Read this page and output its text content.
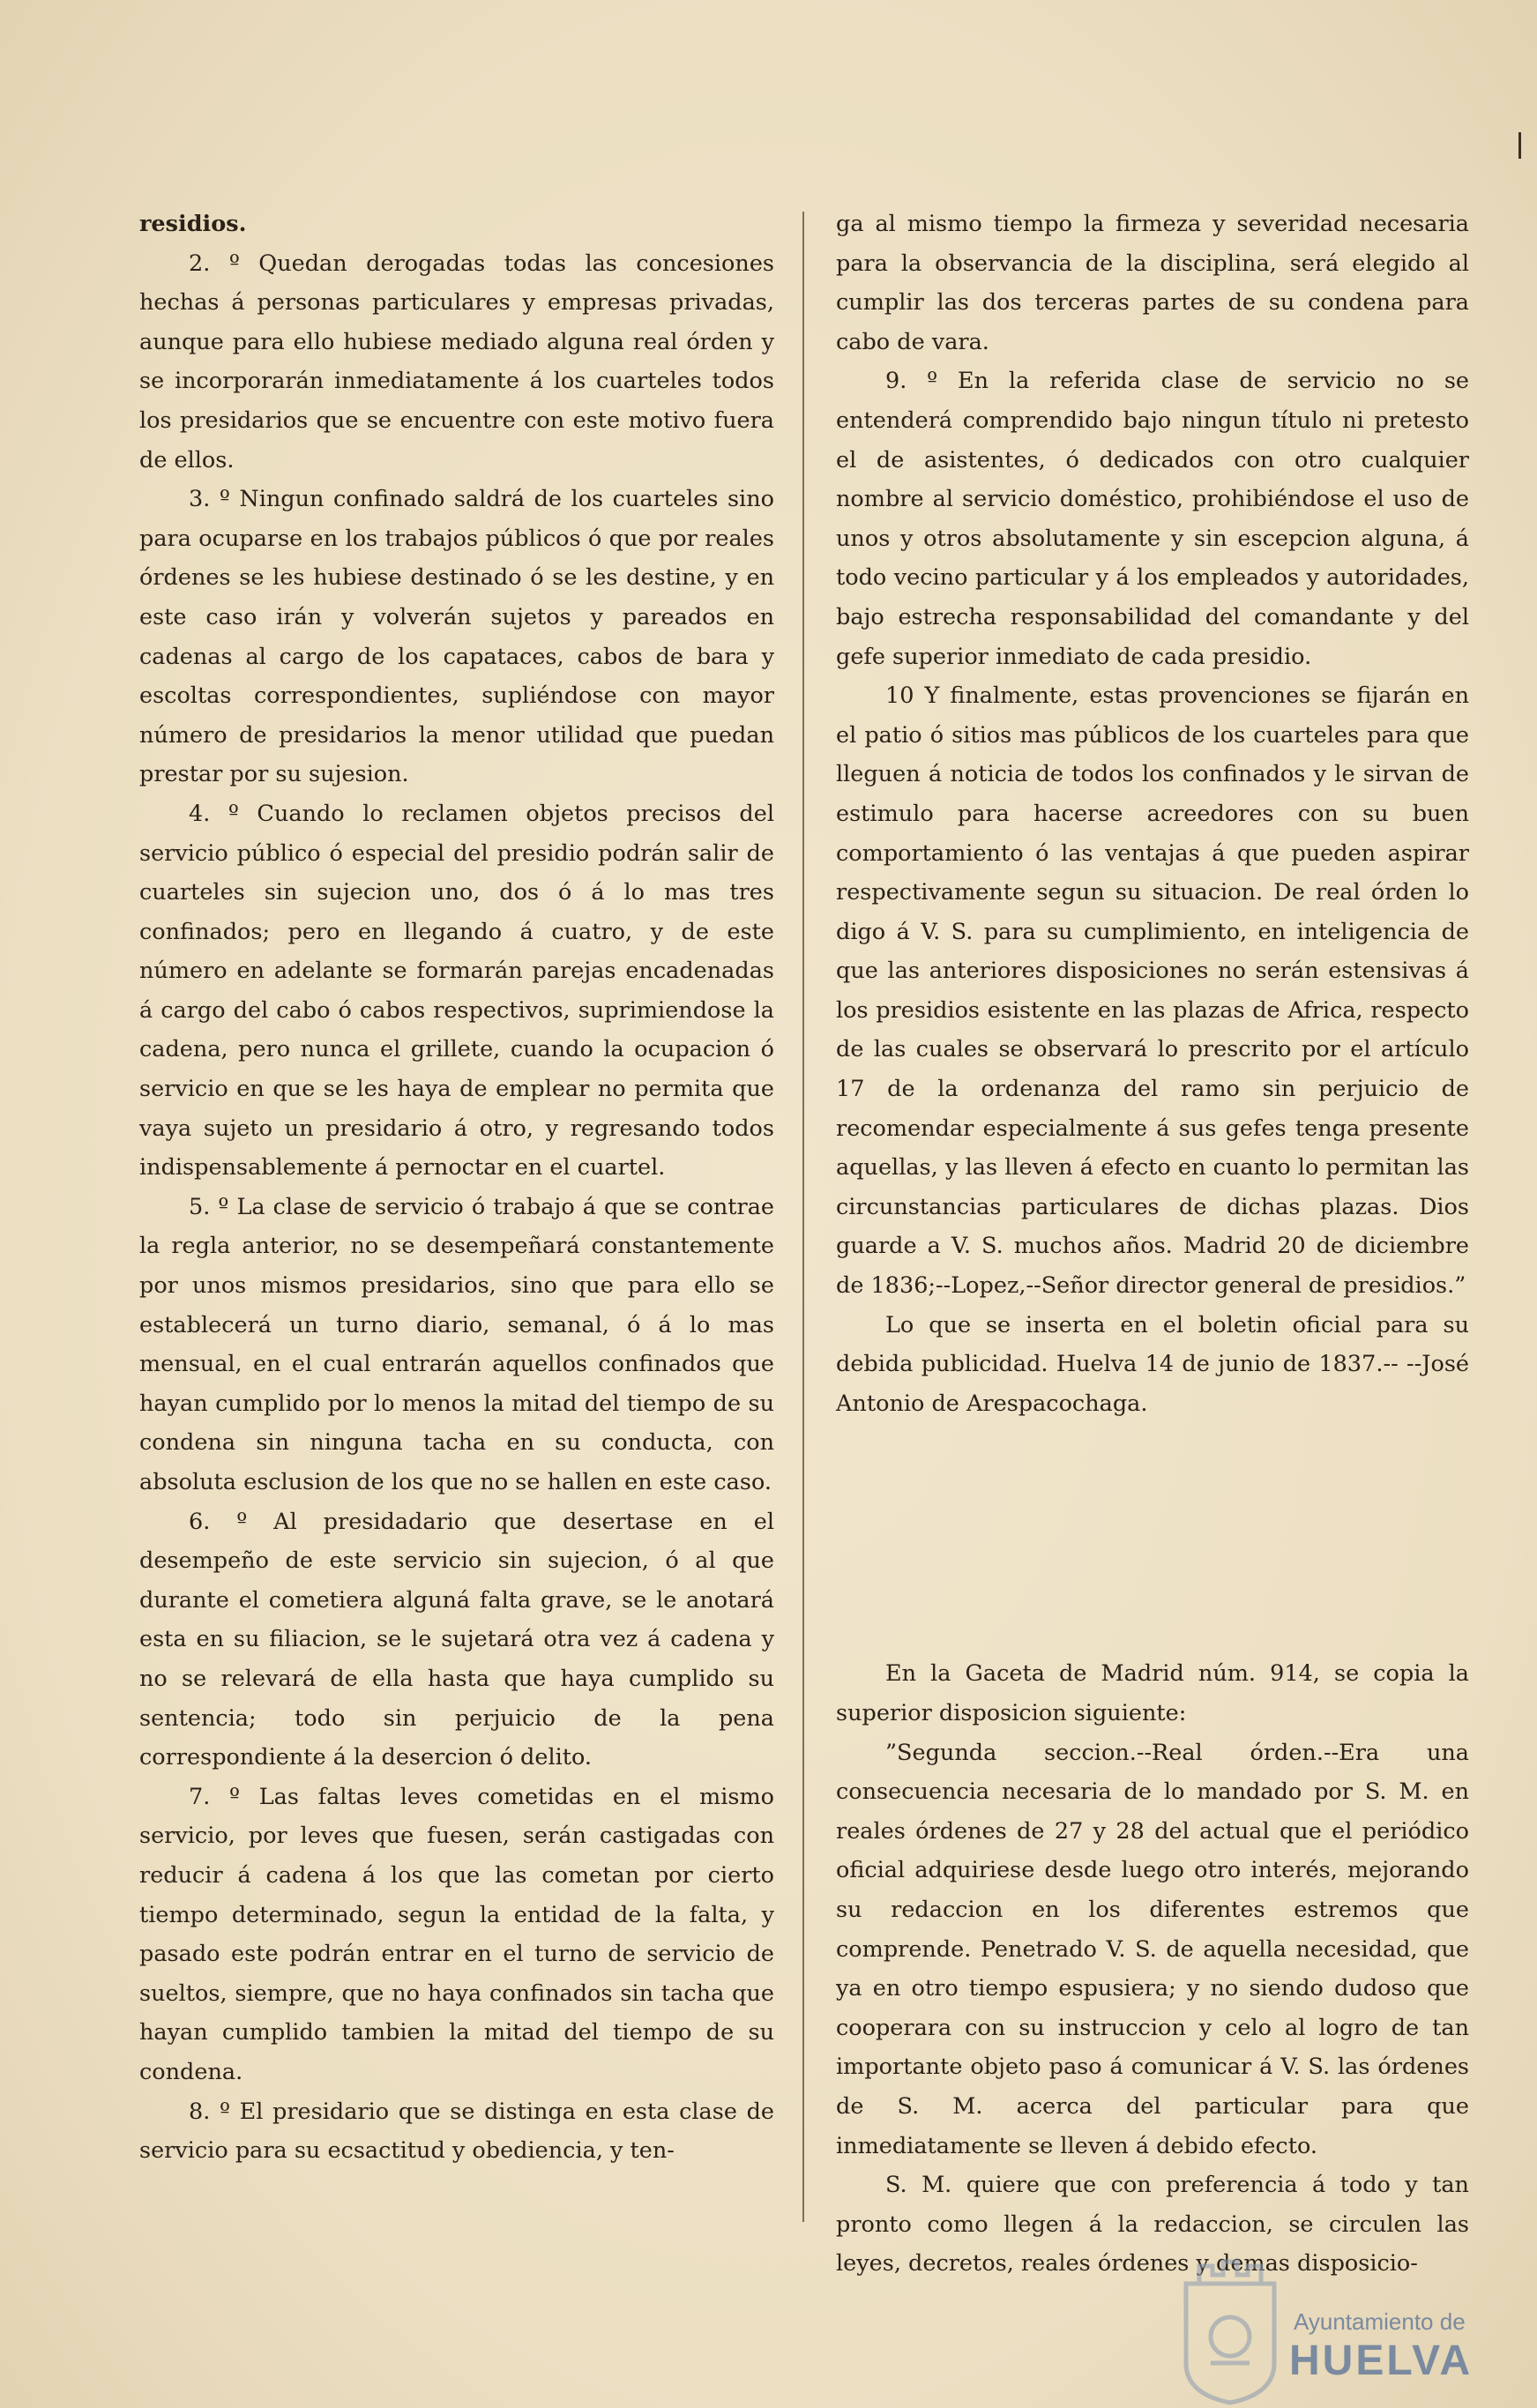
residios.

2. º Quedan derogadas todas las concesiones hechas á personas particulares y empresas privadas, aunque para ello hubiese mediado alguna real órden y se incorporarán inmediatamente á los cuarteles todos los presidarios que se encuentre con este motivo fuera de ellos.

3. º Ningun confinado saldrá de los cuarteles sino para ocuparse en los trabajos públicos ó que por reales órdenes se les hubiese destinado ó se les destine, y en este caso irán y volverán sujetos y pareados en cadenas al cargo de los capataces, cabos de bara y escoltas correspondientes, supliéndose con mayor número de presidarios la menor utilidad que puedan prestar por su sujesion.

4. º Cuando lo reclamen objetos precisos del servicio público ó especial del presidio podrán salir de cuarteles sin sujecion uno, dos ó á lo mas tres confinados; pero en llegando á cuatro, y de este número en adelante se formarán parejas encadenadas á cargo del cabo ó cabos respectivos, suprimiendose la cadena, pero nunca el grillete, cuando la ocupacion ó servicio en que se les haya de emplear no permita que vaya sujeto un presidario á otro, y regresando todos indispensablemente á pernoctar en el cuartel.

5. º La clase de servicio ó trabajo á que se contrae la regla anterior, no se desempeñará constantemente por unos mismos presidarios, sino que para ello se establecerá un turno diario, semanal, ó á lo mas mensual, en el cual entrarán aquellos confinados que hayan cumplido por lo menos la mitad del tiempo de su condena sin ninguna tacha en su conducta, con absoluta esclusion de los que no se hallen en este caso.

6. º Al presidadario que desertase en el desempeño de este servicio sin sujecion, ó al que durante el cometiera alguná falta grave, se le anotará esta en su filiacion, se le sujetará otra vez á cadena y no se relevará de ella hasta que haya cumplido su sentencia; todo sin perjuicio de la pena correspondiente á la desercion ó delito.

7. º Las faltas leves cometidas en el mismo servicio, por leves que fuesen, serán castigadas con reducir á cadena á los que las cometan por cierto tiempo determinado, segun la entidad de la falta, y pasado este podrán entrar en el turno de servicio de sueltos, siempre, que no haya confinados sin tacha que hayan cumplido tambien la mitad del tiempo de su condena.

8. º El presidario que se distinga en esta clase de servicio para su ecsactitud y obediencia, y ten-

ga al mismo tiempo la firmeza y severidad necesaria para la observancia de la disciplina, será elegido al cumplir las dos terceras partes de su condena para cabo de vara.

9. º En la referida clase de servicio no se entenderá comprendido bajo ningun título ni pretesto el de asistentes, ó dedicados con otro cualquier nombre al servicio doméstico, prohibiéndose el uso de unos y otros absolutamente y sin escepcion alguna, á todo vecino particular y á los empleados y autoridades, bajo estrecha responsabilidad del comandante y del gefe superior inmediato de cada presidio.

10 Y finalmente, estas provenciones se fijarán en el patio ó sitios mas públicos de los cuarteles para que lleguen á noticia de todos los confinados y le sirvan de estimulo para hacerse acreedores con su buen comportamiento ó las ventajas á que pueden aspirar respectivamente segun su situacion. De real órden lo digo á V. S. para su cumplimiento, en inteligencia de que las anteriores disposiciones no serán estensivas á los presidios esistente en las plazas de Africa, respecto de las cuales se observará lo prescrito por el artículo 17 de la ordenanza del ramo sin perjuicio de recomendar especialmente á sus gefes tenga presente aquellas, y las lleven á efecto en cuanto lo permitan las circunstancias particulares de dichas plazas. Dios guarde a V. S. muchos años. Madrid 20 de diciembre de 1836;--Lopez,--Señor director general de presidios.”

Lo que se inserta en el boletin oficial para su debida publicidad. Huelva 14 de junio de 1837.-- --José Antonio de Arespacochaga.

En la Gaceta de Madrid núm. 914, se copia la superior disposicion siguiente:

”Segunda seccion.--Real órden.--Era una consecuencia necesaria de lo mandado por S. M. en reales órdenes de 27 y 28 del actual que el periódico oficial adquiriese desde luego otro interés, mejorando su redaccion en los diferentes estremos que comprende. Penetrado V. S. de aquella necesidad, que ya en otro tiempo espusiera; y no siendo dudoso que cooperara con su instruccion y celo al logro de tan importante objeto paso á comunicar á V. S. las órdenes de S. M. acerca del particular para que inmediatamente se lleven á debido efecto.

S. M. quiere que con preferencia á todo y tan pronto como llegen á la redaccion, se circulen las leyes, decretos, reales órdenes y demas disposicio-

Ayuntamiento de
HUELVA
